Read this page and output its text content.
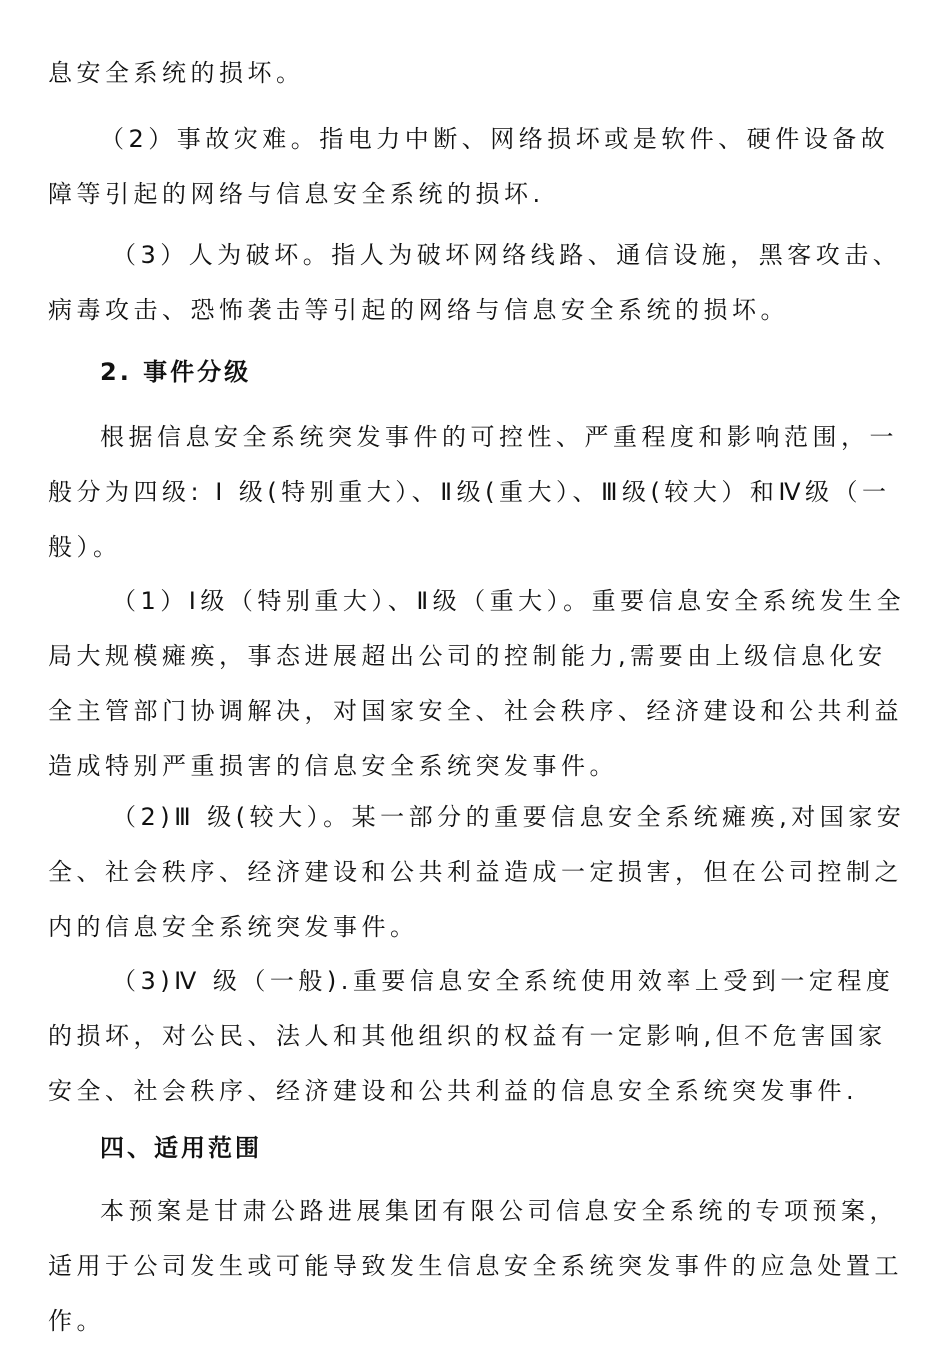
息安全系统的损坏。

（2）事故灾难。指电力中断、网络损坏或是软件、硬件设备故障等引起的网络与信息安全系统的损坏.

（3）人为破坏。指人为破坏网络线路、通信设施，黑客攻击、病毒攻击、恐怖袭击等引起的网络与信息安全系统的损坏。

2. 事件分级

根据信息安全系统突发事件的可控性、严重程度和影响范围，一般分为四级: Ⅰ 级(特别重大）、Ⅱ级(重大）、Ⅲ级(较大）和Ⅳ级（一般）。

（1）Ⅰ级（特别重大）、Ⅱ级（重大）。重要信息安全系统发生全局大规模瘫痪，事态进展超出公司的控制能力,需要由上级信息化安全主管部门协调解决，对国家安全、社会秩序、经济建设和公共利益造成特别严重损害的信息安全系统突发事件。

（2)Ⅲ 级(较大）。某一部分的重要信息安全系统瘫痪,对国家安全、社会秩序、经济建设和公共利益造成一定损害，但在公司控制之内的信息安全系统突发事件。

（3)Ⅳ 级（一般).重要信息安全系统使用效率上受到一定程度的损坏，对公民、法人和其他组织的权益有一定影响,但不危害国家安全、社会秩序、经济建设和公共利益的信息安全系统突发事件.

四、适用范围

本预案是甘肃公路进展集团有限公司信息安全系统的专项预案，适用于公司发生或可能导致发生信息安全系统突发事件的应急处置工作。
